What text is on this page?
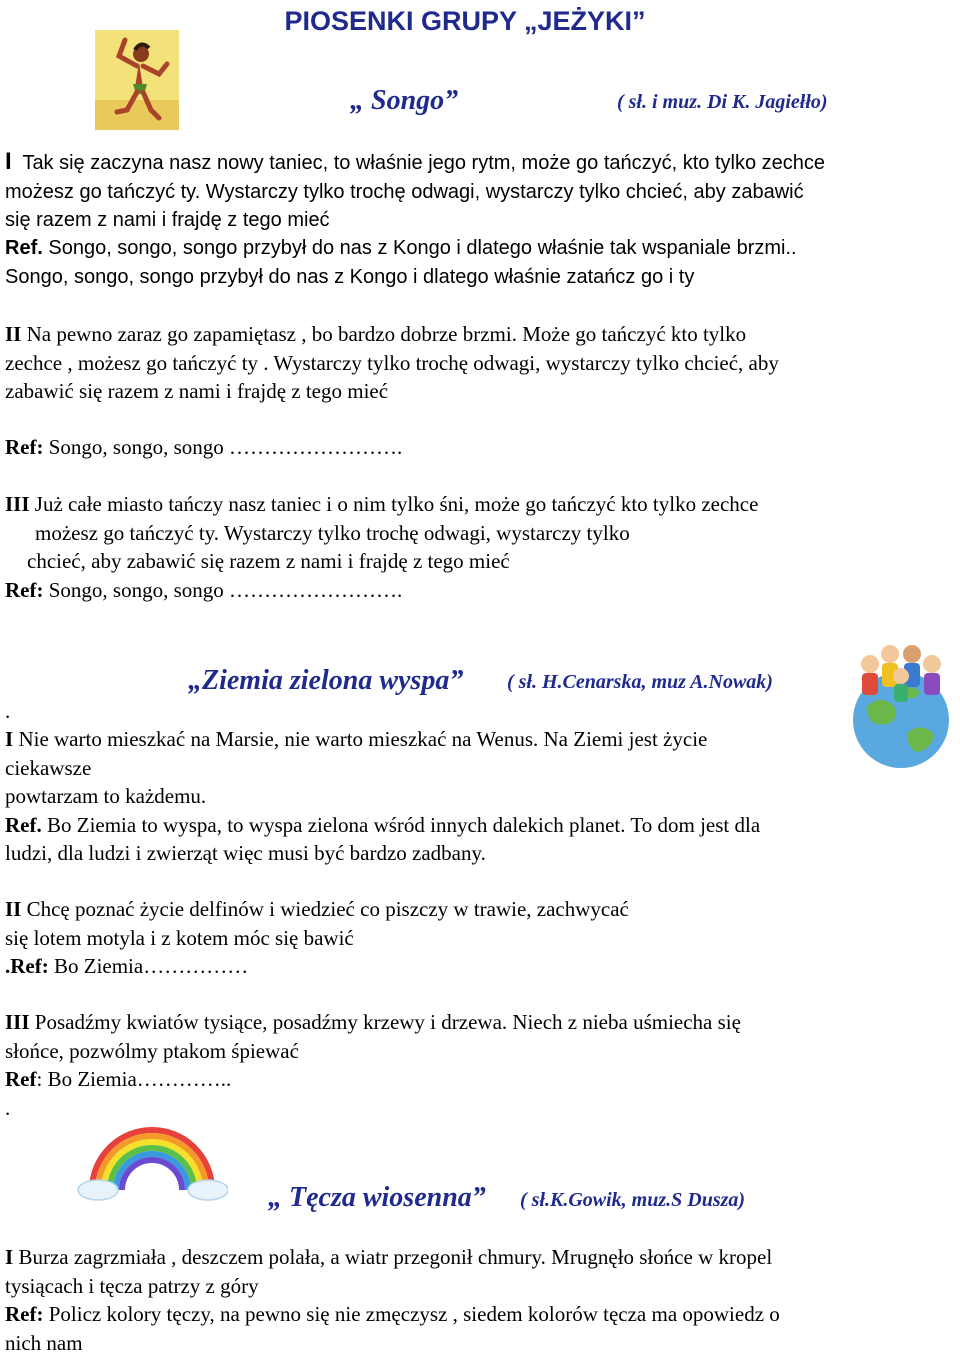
PIOSENKI GRUPY „JEŻYKI”
„ Songo”	( sł. i muz. Di K. Jagiełło)
I Tak się zaczyna nasz nowy taniec, to właśnie jego rytm, może go tańczyć, kto tylko zechce
możesz go tańczyć ty. Wystarczy tylko trochę odwagi, wystarczy tylko chcieć, aby zabawić
się razem z nami i frajdę z tego mieć
Ref. Songo, songo, songo przybył do nas z Kongo i dlatego właśnie tak wspaniale brzmi..
Songo, songo, songo przybył do nas z Kongo i dlatego właśnie zatańcz go i ty
II Na pewno zaraz go zapamiętasz , bo bardzo dobrze brzmi. Może go tańczyć kto tylko
zechce , możesz go tańczyć ty . Wystarczy tylko trochę odwagi, wystarczy tylko chcieć, aby
zabawić się razem z nami i frajdę z tego mieć
Ref: Songo, songo, songo …………………….
III Już całe miasto tańczy nasz taniec i o nim tylko śni, może go tańczyć kto tylko zechce
możesz go tańczyć ty. Wystarczy tylko trochę odwagi, wystarczy tylko
chcieć, aby zabawić się razem z nami i frajdę z tego mieć
Ref: Songo, songo, songo …………………….
„Ziemia zielona wyspa” ( sł. H.Cenarska, muz A.Nowak)
.
I Nie warto mieszkać na Marsie, nie warto mieszkać na Wenus. Na Ziemi jest życie
ciekawsze
powtarzam to każdemu.
Ref. Bo Ziemia to wyspa, to wyspa zielona wśród innych dalekich planet. To dom jest dla
ludzi, dla ludzi i zwierząt więc musi być bardzo zadbany.
II Chcę poznać życie delfinów i wiedzieć co piszczy w trawie, zachwycać
się lotem motyla i z kotem móc się bawić
.Ref: Bo Ziemia……………
III Posadźmy kwiatów tysiące, posadźmy krzewy i drzewa. Niech z nieba uśmiecha się
słońce, pozwólmy ptakom śpiewać
Ref: Bo Ziemia…………..
.
„ Tęcza wiosenna” ( sł.K.Gowik, muz.S Dusza)
I Burza zagrzmiała , deszczem polała, a wiatr przegonił chmury. Mrugnęło słońce w kropel
tysiącach i tęcza patrzy z góry
Ref: Policz kolory tęczy, na pewno się nie zmęczysz , siedem kolorów tęcza ma opowiedz o
nich nam
